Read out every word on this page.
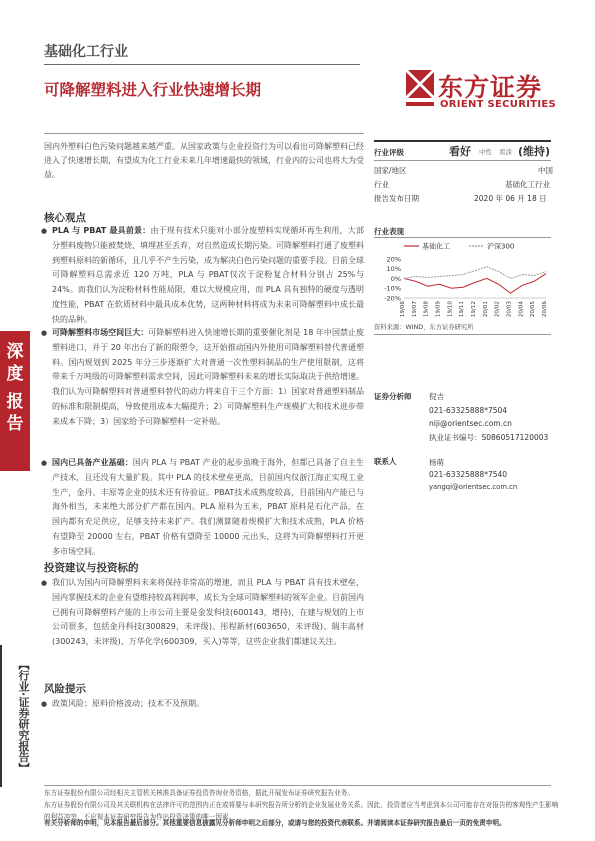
基础化工行业
可降解塑料进入行业快速增长期	东方证券
ORIENT SECURITIES
深度
报告
【行业·证券研究报告】
国内外塑料白色污染问题越来越严重。从国家政策与企业投资行为可以看出可降解塑料已经进入了快速增长期，有望成为化工行业未来几年增速最快的领域，行业内的公司也将大为受益。
核心观点
● PLA 与 PBAT 最具前景：由于现有技术只能对小部分废塑料实现循环再生利用，大部分塑料废物只能被焚烧、填埋甚至丢弃，对自然造成长期污染。可降解塑料打通了废塑料到塑料原料的新循环，且几乎不产生污染，成为解决白色污染问题的重要手段。目前全球可降解塑料总需求近 120 万吨，PLA 与 PBAT仅次于淀粉复合材料分别占 25%与 24%。而我们认为淀粉材料性能局限，难以大规模应用，而 PLA 具有独特的硬度与透明度性能，PBAT 在软质材料中最具成本优势，这两种材料将成为未来可降解塑料中成长最快的品种。
● 可降解塑料市场空间巨大：可降解塑料进入快速增长期的重要催化剂是 18 年中国禁止废塑料进口，并于 20 年出台了新的限塑令，这开始推动国内外使用可降解塑料替代普通塑料。国内规划到 2025 年分三步逐渐扩大对普通一次性塑料制品的生产使用限制，这将带来千万吨级的可降解塑料需求空间，因此可降解塑料未来的增长实际取决于供给增速。我们认为可降解塑料对普通塑料替代的动力将来自于三个方面：1）国家对普通塑料制品的标准和限制提高，导致使用成本大幅提升；2）可降解塑料生产规模扩大和技术进步带来成本下降；3）国家给予可降解塑料一定补贴。
● 国内已具备产业基础：国内 PLA 与 PBAT 产业的起步虽晚于海外，但都已具备了自主生产技术，且还没有大量扩股。其中 PLA 的技术壁垒更高，目前国内仅浙江海正实现工业生产，金丹、丰原等企业的技术还有待验证。PBAT技术成熟度较高，目前国内产能已与海外相当，未来绝大部分扩产都在国内。PLA 原料为玉米，PBAT 原料是石化产品，在国内都有充足供应，足够支持未来扩产。我们测算随着规模扩大和技术成熟，PLA 价格有望降至 20000 左右，PBAT 价格有望降至 10000 元出头，这将为可降解塑料打开更多市场空间。
投资建议与投资标的
● 我们认为国内可降解塑料未来将保持非常高的增速，而且 PLA 与 PBAT 具有技术壁垒，国内掌握技术的企业有望维持较高利润率，成长为全球可降解塑料的领军企业。目前国内已拥有可降解塑料产能的上市公司主要是金发科技(600143，增持)，在建与规划的上市公司很多，包括金丹科技(300829，未评级)、彤程新材(603650，未评级)、瑞丰高材(300243，未评级)、万华化学(600309，买入)等等，这些企业我们都建议关注。
风险提示
● 政策风险；原料价格波动；技术不及预期。
行业评级	看好 中性 看淡 (维持)
国家/地区	中国
行业	基础化工行业
报告发布日期	2020 年 06 月 18 日
行业表现
基础化工	沪深300
20%
10%
0%
-10%
-20%
19/06 19/07 19/08 19/09 19/10 19/11 19/12 20/01 20/02 20/03 20/04 20/05 20/06
资料来源：WIND、东方证券研究所
证券分析师 倪吉
021-63325888*7504
niji@orientsec.com.cn
执业证书编号：S0860517120003
联系人	杨萌
021-63325888*7540
yangqi@orientsec.com.cn
东方证券股份有限公司经相关主管机关核准具备证券投资咨询业务资格，据此开展发布证券研究报告业务。
东方证券股份有限公司及其关联机构在法律许可的范围内正在或将要与本研究报告所分析的企业发展业务关系。因此，投资者应当考虑到本公司可能存在对报告的客观性产生影响的利益冲突，不应视本证券研究报告为作出投资决策的唯一因素。
有关分析师的申明，见本报告最后部分。其他重要信息披露见分析师申明之后部分，或请与您的投资代表联系。并请阅读本证券研究报告最后一页的免责申明。
